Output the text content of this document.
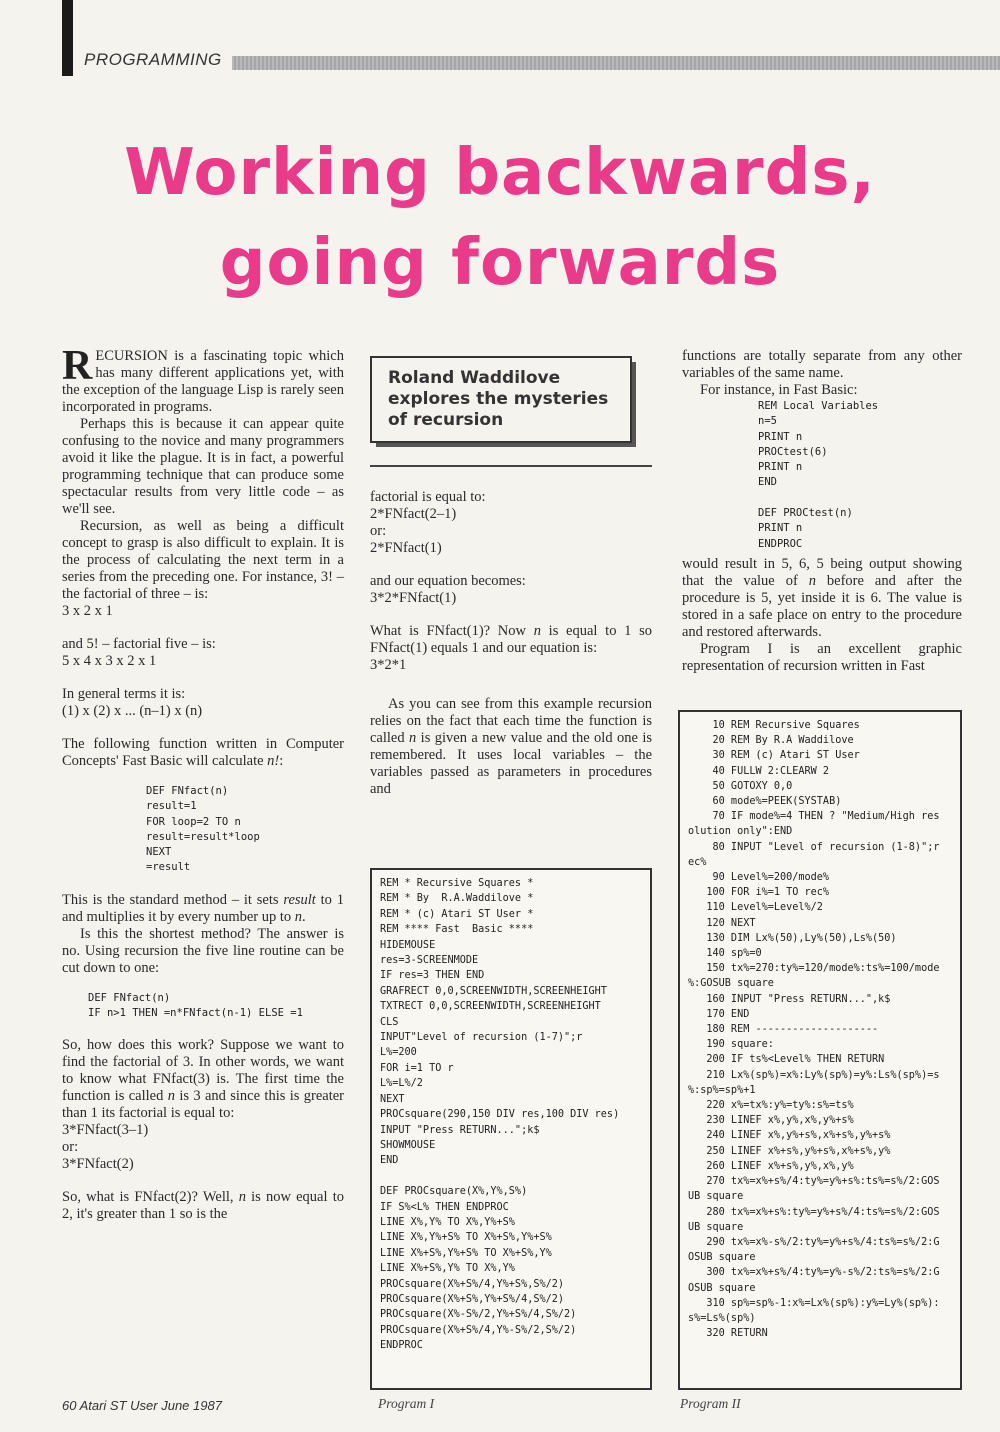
PROGRAMMING
Working backwards,
going forwards

RECURSION is a fascinating topic which has many different applications yet, with the exception of the language Lisp is rarely seen incorporated in programs.

Perhaps this is because it can appear quite confusing to the novice and many programmers avoid it like the plague. It is in fact, a powerful programming technique that can produce some spectacular results from very little code – as we'll see.

Recursion, as well as being a difficult concept to grasp is also difficult to explain. It is the process of calculating the next term in a series from the preceding one. For instance, 3! – the factorial of three – is:

3 x 2 x 1

and 5! – factorial five – is:

5 x 4 x 3 x 2 x 1

In general terms it is:

(1) x (2) x ... (n–1) x (n)

The following function written in Computer Concepts' Fast Basic will calculate n!:

DEF FNfact(n)
result=1
FOR loop=2 TO n
result=result*loop
NEXT
=result

This is the standard method – it sets result to 1 and multiplies it by every number up to n.

Is this the shortest method? The answer is no. Using recursion the five line routine can be cut down to one:

DEF FNfact(n)
IF n>1 THEN =n*FNfact(n-1) ELSE =1

So, how does this work? Suppose we want to find the factorial of 3. In other words, we want to know what FNfact(3) is. The first time the function is called n is 3 and since this is greater than 1 its factorial is equal to:

3*FNfact(3–1)

or:

3*FNfact(2)

So, what is FNfact(2)? Well, n is now equal to 2, it's greater than 1 so is the

Roland Waddilove explores the mysteries of recursion

factorial is equal to:

2*FNfact(2–1)

or:

2*FNfact(1)

and our equation becomes:

3*2*FNfact(1)

What is FNfact(1)? Now n is equal to 1 so FNfact(1) equals 1 and our equation is:

3*2*1

As you can see from this example recursion relies on the fact that each time the function is called n is given a new value and the old one is remembered. It uses local variables – the variables passed as parameters in procedures and

functions are totally separate from any other variables of the same name.

For instance, in Fast Basic:

REM Local Variables
n=5
PRINT n
PROCtest(6)
PRINT n
END

DEF PROCtest(n)
PRINT n
ENDPROC

would result in 5, 6, 5 being output showing that the value of n before and after the procedure is 5, yet inside it is 6. The value is stored in a safe place on entry to the procedure and restored afterwards.

Program I is an excellent graphic representation of recursion written in Fast

REM * Recursive Squares *
REM * By  R.A.Waddilove *
REM * (c) Atari ST User *
REM **** Fast  Basic ****
HIDEMOUSE
res=3-SCREENMODE
IF res=3 THEN END
GRAFRECT 0,0,SCREENWIDTH,SCREENHEIGHT
TXTRECT 0,0,SCREENWIDTH,SCREENHEIGHT
CLS
INPUT"Level of recursion (1-7)";r
L%=200
FOR i=1 TO r
L%=L%/2
NEXT
PROCsquare(290,150 DIV res,100 DIV res)
INPUT "Press RETURN...";k$
SHOWMOUSE
END

DEF PROCsquare(X%,Y%,S%)
IF S%<L% THEN ENDPROC
LINE X%,Y% TO X%,Y%+S%
LINE X%,Y%+S% TO X%+S%,Y%+S%
LINE X%+S%,Y%+S% TO X%+S%,Y%
LINE X%+S%,Y% TO X%,Y%
PROCsquare(X%+S%/4,Y%+S%,S%/2)
PROCsquare(X%+S%,Y%+S%/4,S%/2)
PROCsquare(X%-S%/2,Y%+S%/4,S%/2)
PROCsquare(X%+S%/4,Y%-S%/2,S%/2)
ENDPROC
Program I
10 REM Recursive Squares
20 REM By R.A Waddilove
30 REM (c) Atari ST User
40 FULLW 2:CLEARW 2
50 GOTOXY 0,0
60 mode%=PEEK(SYSTAB)
70 IF mode%=4 THEN ? "Medium/High res
olution only":END
80 INPUT "Level of recursion (1-8)";r
ec%
90 Level%=200/mode%
100 FOR i%=1 TO rec%
110 Level%=Level%/2
120 NEXT
130 DIM Lx%(50),Ly%(50),Ls%(50)
140 sp%=0
150 tx%=270:ty%=120/mode%:ts%=100/mode
%:GOSUB square
160 INPUT "Press RETURN...",k$
170 END
180 REM --------------------
190 square:
200 IF ts%<Level% THEN RETURN
210 Lx%(sp%)=x%:Ly%(sp%)=y%:Ls%(sp%)=s
%:sp%=sp%+1
220 x%=tx%:y%=ty%:s%=ts%
230 LINEF x%,y%,x%,y%+s%
240 LINEF x%,y%+s%,x%+s%,y%+s%
250 LINEF x%+s%,y%+s%,x%+s%,y%
260 LINEF x%+s%,y%,x%,y%
270 tx%=x%+s%/4:ty%=y%+s%:ts%=s%/2:GOS
UB square
280 tx%=x%+s%:ty%=y%+s%/4:ts%=s%/2:GOS
UB square
290 tx%=x%-s%/2:ty%=y%+s%/4:ts%=s%/2:G
OSUB square
300 tx%=x%+s%/4:ty%=y%-s%/2:ts%=s%/2:G
OSUB square
310 sp%=sp%-1:x%=Lx%(sp%):y%=Ly%(sp%):
s%=Ls%(sp%)
320 RETURN
Program II
60 Atari ST User June 1987
